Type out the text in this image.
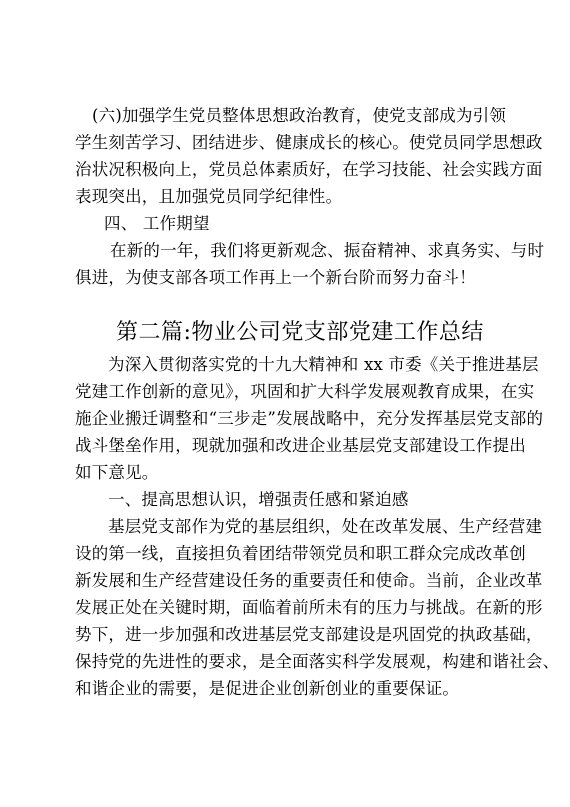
(六)加强学生党员整体思想政治教育，使党支部成为引领
学生刻苦学习、团结进步、健康成长的核心。使党员同学思想政
治状况积极向上，党员总体素质好，在学习技能、社会实践方面
表现突出，且加强党员同学纪律性。
四、 工作期望
在新的一年，我们将更新观念、振奋精神、求真务实、与时
俱进，为使支部各项工作再上一个新台阶而努力奋斗！
第二篇:物业公司党支部党建工作总结
为深入贯彻落实党的十九大精神和 xx 市委《关于推进基层
党建工作创新的意见》，巩固和扩大科学发展观教育成果，在实
施企业搬迁调整和“三步走”发展战略中，充分发挥基层党支部的
战斗堡垒作用，现就加强和改进企业基层党支部建设工作提出
如下意见。
一、提高思想认识，增强责任感和紧迫感
基层党支部作为党的基层组织，处在改革发展、生产经营建
设的第一线，直接担负着团结带领党员和职工群众完成改革创
新发展和生产经营建设任务的重要责任和使命。当前，企业改革
发展正处在关键时期，面临着前所未有的压力与挑战。在新的形
势下，进一步加强和改进基层党支部建设是巩固党的执政基础，
保持党的先进性的要求，是全面落实科学发展观，构建和谐社会、
和谐企业的需要，是促进企业创新创业的重要保证。
